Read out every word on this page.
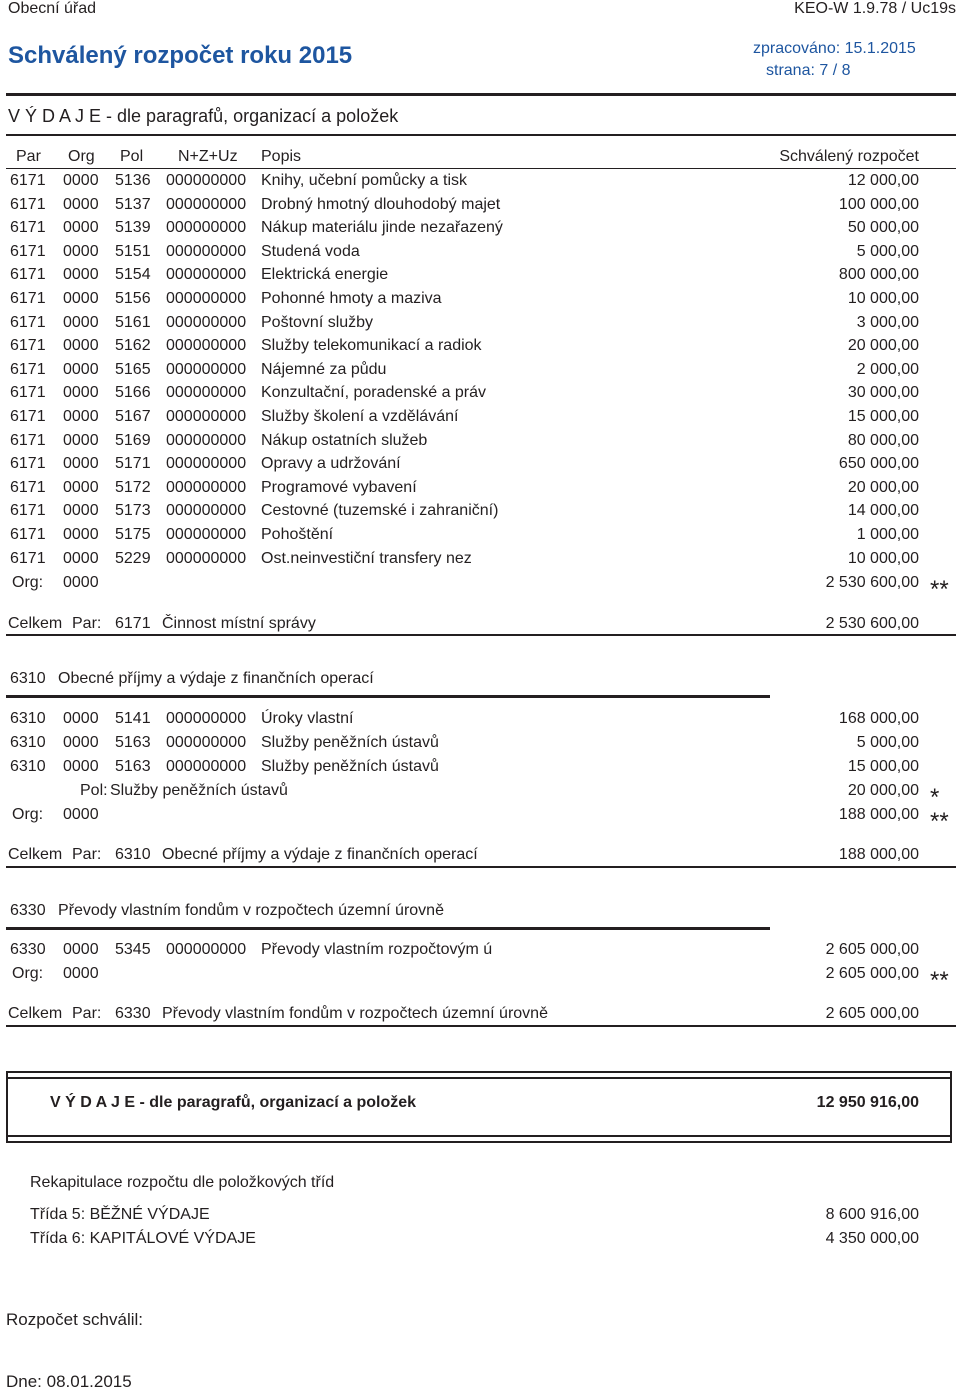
Obecní úřad	KEO-W 1.9.78 / Uc19s
Schválený rozpočet roku 2015	zpracováno: 15.1.2015
strana: 7 / 8
V Ý D A J E - dle paragrafů, organizací a položek
Par Org Pol N+Z+Uz Popis	Schválený rozpočet
6171 0000 5136 000000000 Knihy, učební pomůcky a tisk	12 000,00
6171 0000 5137 000000000 Drobný hmotný dlouhodobý majet	100 000,00
6171 0000 5139 000000000 Nákup materiálu jinde nezařazený	50 000,00
6171 0000 5151 000000000 Studená voda	5 000,00
6171 0000 5154 000000000 Elektrická energie	800 000,00
6171 0000 5156 000000000 Pohonné hmoty a maziva	10 000,00
6171 0000 5161 000000000 Poštovní služby	3 000,00
6171 0000 5162 000000000 Služby telekomunikací a radiok	20 000,00
6171 0000 5165 000000000 Nájemné za půdu	2 000,00
6171 0000 5166 000000000 Konzultační, poradenské a práv	30 000,00
6171 0000 5167 000000000 Služby školení a vzdělávání	15 000,00
6171 0000 5169 000000000 Nákup ostatních služeb	80 000,00
6171 0000 5171 000000000 Opravy a udržování	650 000,00
6171 0000 5172 000000000 Programové vybavení	20 000,00
6171 0000 5173 000000000 Cestovné (tuzemské i zahraniční)	14 000,00
6171 0000 5175 000000000 Pohoštění	1 000,00
6171 0000 5229 000000000 Ost.neinvestiční transfery nez	10 000,00
Org: 0000	2 530 600,00 **
Celkem Par: 6171 Činnost místní správy	2 530 600,00
6310 Obecné příjmy a výdaje z finančních operací
6310 0000 5141 000000000 Úroky vlastní	168 000,00
6310 0000 5163 000000000 Služby peněžních ústavů	5 000,00
6310 0000 5163 000000000 Služby peněžních ústavů	15 000,00
Pol: Služby peněžních ústavů	20 000,00 *
Org: 0000	188 000,00 **
Celkem Par: 6310 Obecné příjmy a výdaje z finančních operací	188 000,00
6330 Převody vlastním fondům v rozpočtech územní úrovně
6330 0000 5345 000000000 Převody vlastním rozpočtovým ú	2 605 000,00
Org: 0000	2 605 000,00 **
Celkem Par: 6330 Převody vlastním fondům v rozpočtech územní úrovně	2 605 000,00
V Ý D A J E - dle paragrafů, organizací a položek	12 950 916,00
Rekapitulace rozpočtu dle položkových tříd
Třída 5: BĚŽNÉ VÝDAJE	8 600 916,00
Třída 6: KAPITÁLOVÉ VÝDAJE	4 350 000,00
Rozpočet schválil:
Dne: 08.01.2015
